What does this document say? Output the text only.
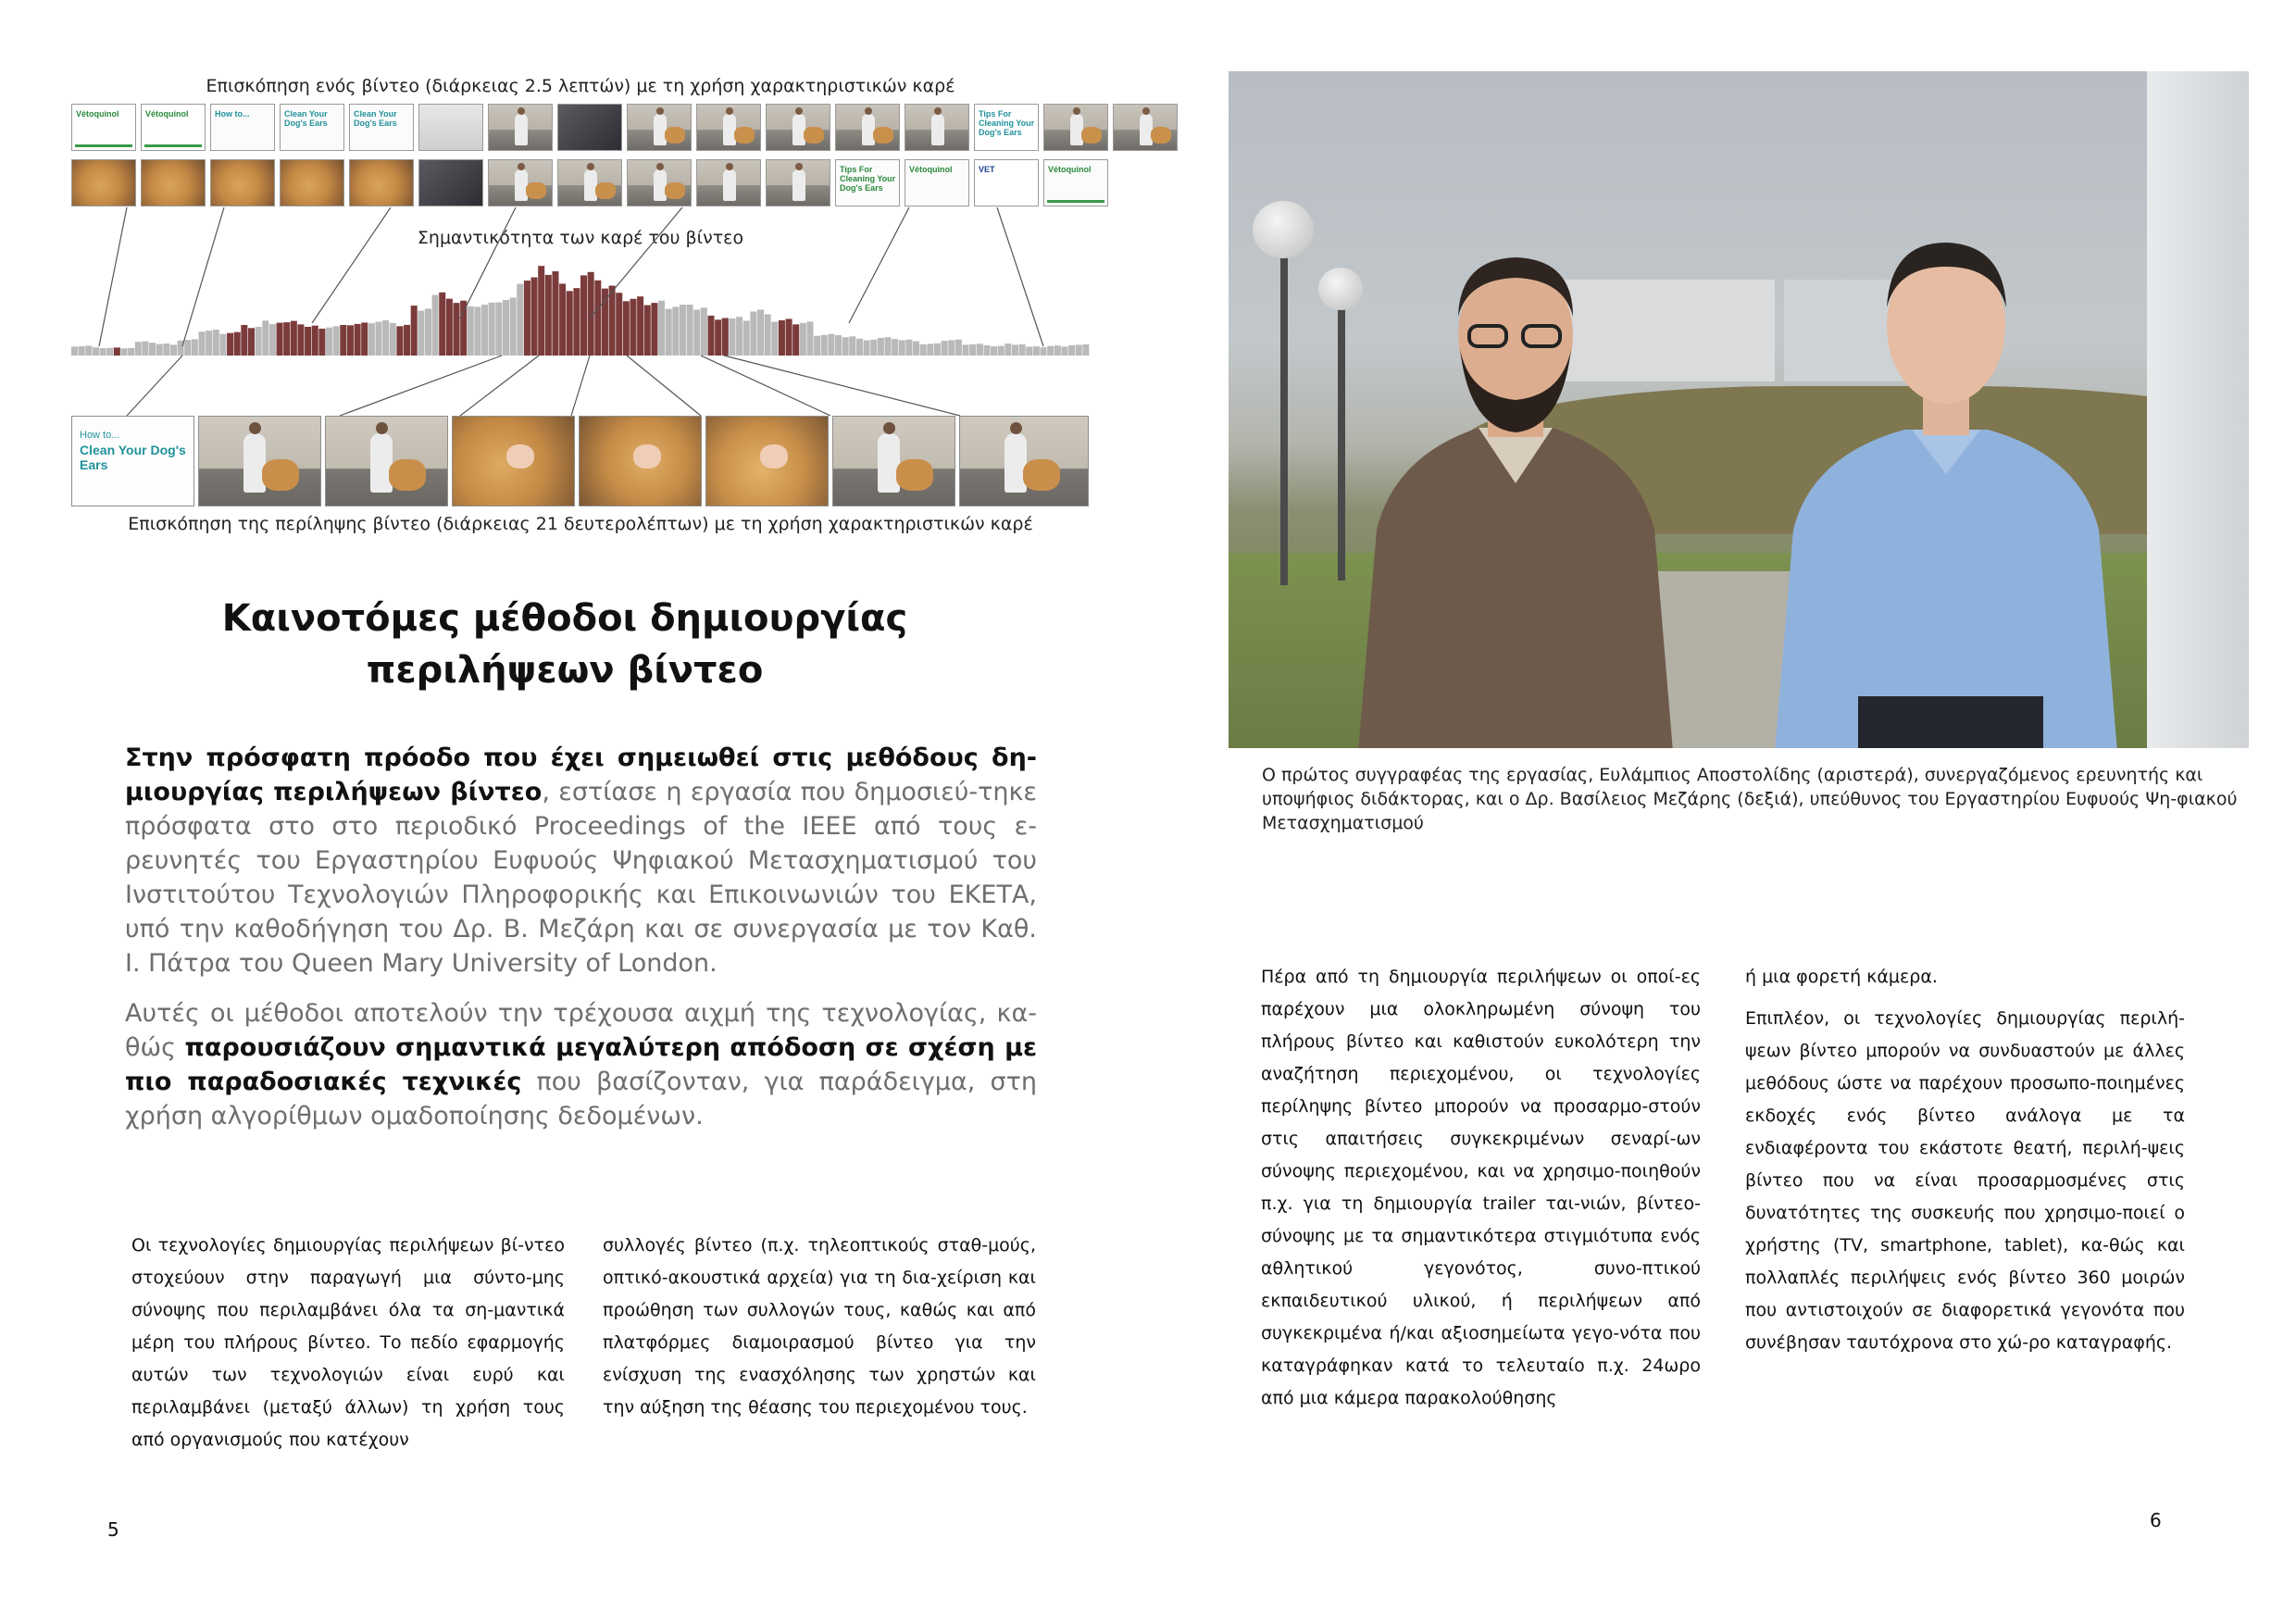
Επισκόπηση ενός βίντεο (διάρκειας 2.5 λεπτών) με τη χρήση χαρακτηριστικών καρέ
Vétoquinol	Vétoquinol	How to...	Clean Your Dog's Ears
Clean Your Dog's Ears
Tips For Cleaning Your Dog's Ears
Tips For Cleaning Your Dog's Ears
Vétoquinol	VET	Vétoquinol
Σημαντικότητα των καρέ του βίντεο
How to...
Clean Your Dog's Ears
Επισκόπηση της περίληψης βίντεο (διάρκειας 21 δευτερολέπτων) με τη χρήση χαρακτηριστικών καρέ
Καινοτόμες μέθοδοι δημιουργίας
περιλήψεων βίντεο
Στην πρόσφατη πρόοδο που έχει σημειωθεί στις μεθόδους δη-μιουργίας περιλήψεων βίντεο, εστίασε η εργασία που δημοσιεύ-τηκε πρόσφατα στο στο περιοδικό Proceedings of the IEEE από τους ε-ρευνητές του Εργαστηρίου Ευφυούς Ψηφιακού Μετασχηματισμού του Ινστιτούτου Τεχνολογιών Πληροφορικής και Επικοινωνιών του ΕΚΕΤΑ, υπό την καθοδήγηση του Δρ. Β. Μεζάρη και σε συνεργασία με τον Καθ. Ι. Πάτρα του Queen Mary University of London.
Αυτές οι μέθοδοι αποτελούν την τρέχουσα αιχμή της τεχνολογίας, κα-θώς παρουσιάζουν σημαντικά μεγαλύτερη απόδοση σε σχέση με πιο παραδοσιακές τεχνικές που βασίζονταν, για παράδειγμα, στη χρήση αλγορίθμων ομαδοποίησης δεδομένων.
Οι τεχνολογίες δημιουργίας περιλήψεων βί-ντεο στοχεύουν στην παραγωγή μια σύντο-μης σύνοψης που περιλαμβάνει όλα τα ση-μαντικά μέρη του πλήρους βίντεο. Το πεδίο εφαρμογής αυτών των τεχνολογιών είναι ευρύ και περιλαμβάνει (μεταξύ άλλων) τη χρήση τους από οργανισμούς που κατέχουν
συλλογές βίντεο (π.χ. τηλεοπτικούς σταθ-μούς, οπτικό-ακουστικά αρχεία) για τη δια-χείριση και προώθηση των συλλογών τους, καθώς και από πλατφόρμες διαμοιρασμού βίντεο για την ενίσχυση της ενασχόλησης των χρηστών και την αύξηση της θέασης του περιεχομένου τους.
5
Ο πρώτος συγγραφέας της εργασίας, Ευλάμπιος Αποστολίδης (αριστερά), συνεργαζόμενος ερευνητής και υποψήφιος διδάκτορας, και ο Δρ. Βασίλειος Μεζάρης (δεξιά), υπεύθυνος του Εργαστηρίου Ευφυούς Ψη-φιακού Μετασχηματισμού
Πέρα από τη δημιουργία περιλήψεων οι οποί-ες παρέχουν μια ολοκληρωμένη σύνοψη του πλήρους βίντεο και καθιστούν ευκολότερη την αναζήτηση περιεχομένου, οι τεχνολογίες περίληψης βίντεο μπορούν να προσαρμο-στούν στις απαιτήσεις συγκεκριμένων σεναρί-ων σύνοψης περιεχομένου, και να χρησιμο-ποιηθούν π.χ. για τη δημιουργία trailer ται-νιών, βίντεο-σύνοψης με τα σημαντικότερα στιγμιότυπα ενός αθλητικού γεγονότος, συνο-πτικού εκπαιδευτικού υλικού, ή περιλήψεων από συγκεκριμένα ή/και αξιοσημείωτα γεγο-νότα που καταγράφηκαν κατά το τελευταίο π.χ. 24ωρο από μια κάμερα παρακολούθησης
ή μια φορετή κάμερα.
Επιπλέον, οι τεχνολογίες δημιουργίας περιλή-ψεων βίντεο μπορούν να συνδυαστούν με άλλες μεθόδους ώστε να παρέχουν προσωπο-ποιημένες εκδοχές ενός βίντεο ανάλογα με τα ενδιαφέροντα του εκάστοτε θεατή, περιλή-ψεις βίντεο που να είναι προσαρμοσμένες στις δυνατότητες της συσκευής που χρησιμο-ποιεί ο χρήστης (TV, smartphone, tablet), κα-θώς και πολλαπλές περιλήψεις ενός βίντεο 360 μοιρών που αντιστοιχούν σε διαφορετικά γεγονότα που συνέβησαν ταυτόχρονα στο χώ-ρο καταγραφής.
6
